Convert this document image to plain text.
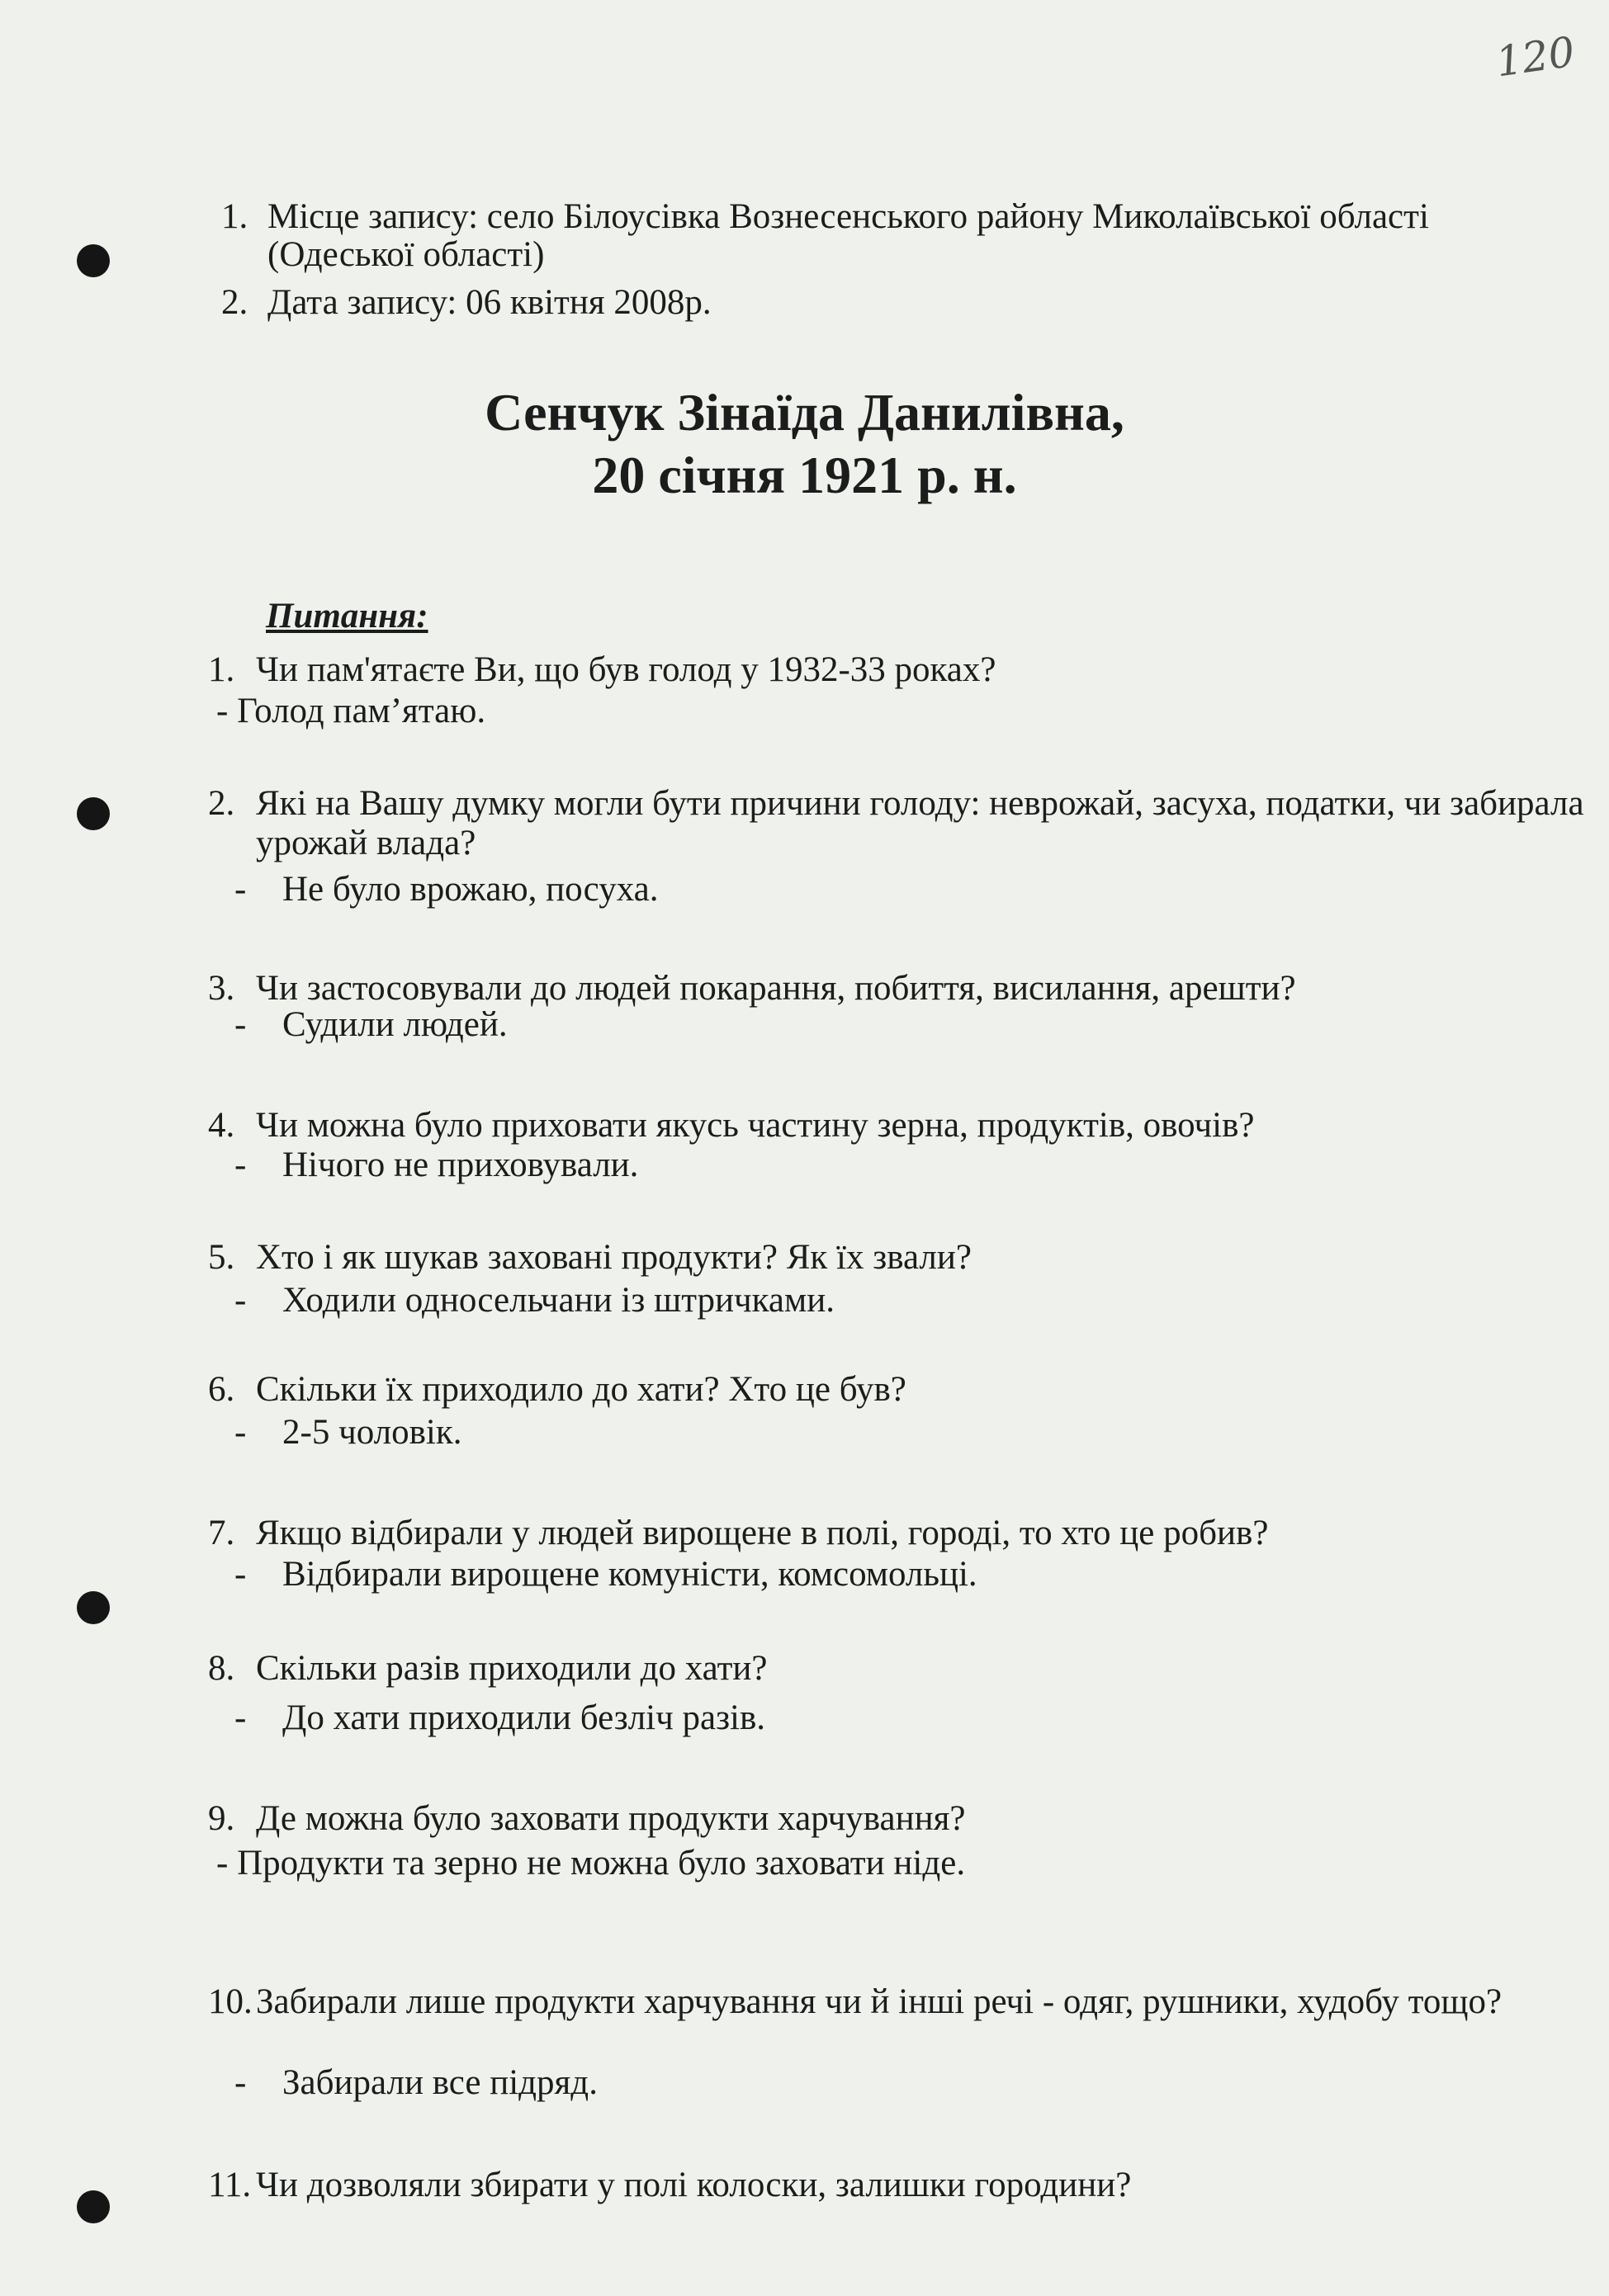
120
1. Місце запису: село Білоусівка Вознесенського району Миколаївської області (Одеської області)
2. Дата запису: 06 квітня 2008р.
Сенчук Зінаїда Данилівна,
20 січня 1921 р. н.
Питання:
1. Чи пам'ятаєте Ви, що був голод у 1932-33 роках?
- Голод пам’ятаю.
2. Які на Вашу думку могли бути причини голоду: неврожай, засуха, податки, чи забирала урожай влада?
- Не було врожаю, посуха.
3. Чи застосовували до людей покарання, побиття, висилання, арешти?
- Судили людей.
4. Чи можна було приховати якусь частину зерна, продуктів, овочів?
- Нічого не приховували.
5. Хто і як шукав заховані продукти? Як їх звали?
- Ходили односельчани із штричками.
6. Скільки їх приходило до хати? Хто це був?
- 2-5 чоловік.
7. Якщо відбирали у людей вирощене в полі, городі, то хто це робив?
- Відбирали вирощене комуністи, комсомольці.
8. Скільки разів приходили до хати?
- До хати приходили безліч разів.
9. Де можна було заховати продукти харчування?
- Продукти та зерно не можна було заховати ніде.
10. Забирали лише продукти харчування чи й інші речі - одяг, рушники, худобу тощо?
- Забирали все підряд.
11. Чи дозволяли збирати у полі колоски, залишки городини?
